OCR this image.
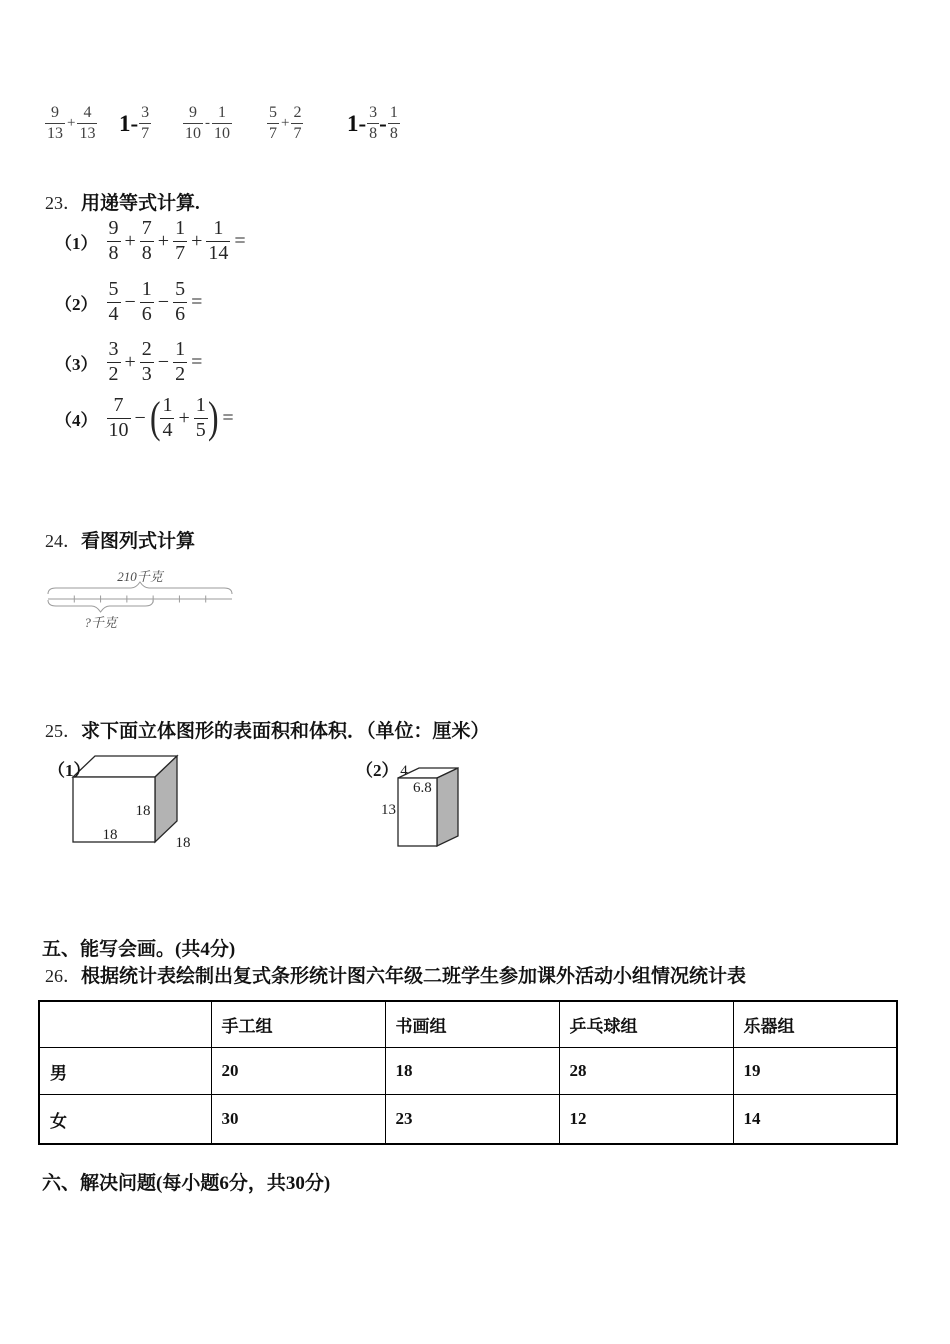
$\frac{9}{13} + \frac{4}{13} 1- \frac{3}{7} \frac{9}{10} - \frac{1}{10} \frac{5}{7} + \frac{2}{7} 1- \frac{3}{8} - \frac{1}{8}$
23．用递等式计算.
$(1) \frac{9}{8} + \frac{7}{8} + \frac{1}{7} + \frac{1}{14}$ =
$(2) \frac{5}{4} - \frac{1}{6} - \frac{5}{6}$ =
$(3) \frac{3}{2} + \frac{2}{3} - \frac{1}{2}$ =
$(4) \frac{7}{10}$ − ( $\frac{1}{4} + \frac{1}{5}$ ) =
24．看图列式计算
210千克
?千克
25．求下面立体图形的表面积和体积．（单位：厘米）
（1）
18
18	18
（2） 4
6.8
13
五、能写会画。(共4分)
26．根据统计表绘制出复式条形统计图六年级二班学生参加课外活动小组情况统计表
	手工组	书画组	乒乓球组	乐器组
男	20	18	28	19
女	30	23	12	14
六、解决问题(每小题6分，共30分)
